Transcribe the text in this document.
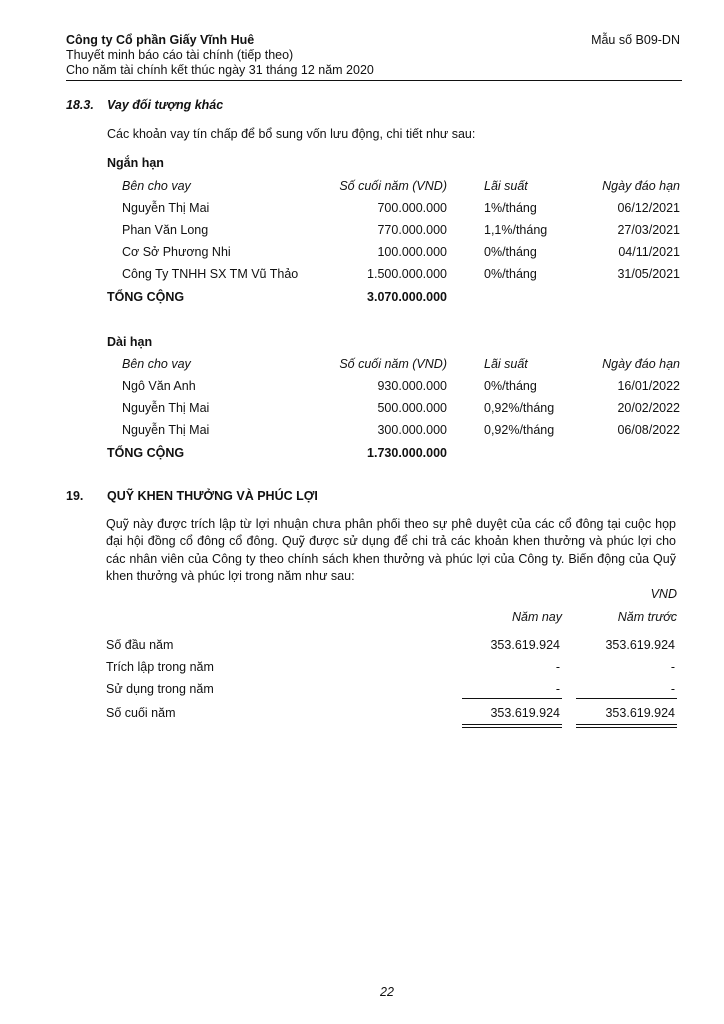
Công ty Cổ phần Giấy Vĩnh Huê
Thuyết minh báo cáo tài chính (tiếp theo)
Cho năm tài chính kết thúc ngày 31 tháng 12 năm 2020
Mẫu số B09-DN
18.3. Vay đối tượng khác
Các khoản vay tín chấp để bổ sung vốn lưu động, chi tiết như sau:
Ngắn hạn
Bên cho vay	Số cuối năm (VND)	Lãi suất	Ngày đáo hạn
Nguyễn Thị Mai	700.000.000	1%/tháng	06/12/2021
Phan Văn Long	770.000.000	1,1%/tháng	27/03/2021
Cơ Sở Phương Nhi	100.000.000	0%/tháng	04/11/2021
Công Ty TNHH SX TM Vũ Thảo	1.500.000.000	0%/tháng	31/05/2021
TỔNG CỘNG	3.070.000.000
Dài hạn
Bên cho vay	Số cuối năm (VND)	Lãi suất	Ngày đáo hạn
Ngô Văn Anh	930.000.000	0%/tháng	16/01/2022
Nguyễn Thị Mai	500.000.000	0,92%/tháng	20/02/2022
Nguyễn Thị Mai	300.000.000	0,92%/tháng	06/08/2022
TỔNG CỘNG	1.730.000.000
19. QUỸ KHEN THƯỞNG VÀ PHÚC LỢI
Quỹ này được trích lập từ lợi nhuận chưa phân phối theo sự phê duyệt của các cổ đông tại cuộc họp đại hội đồng cổ đông cổ đông. Quỹ được sử dụng để chi trả các khoản khen thưởng và phúc lợi cho các nhân viên của Công ty theo chính sách khen thưởng và phúc lợi của Công ty. Biến động của Quỹ khen thưởng và phúc lợi trong năm như sau:
VND
Năm nay	Năm trước
Số đầu năm	353.619.924	353.619.924
Trích lập trong năm	-	-
Sử dụng trong năm	-	-
Số cuối năm	353.619.924	353.619.924
22
